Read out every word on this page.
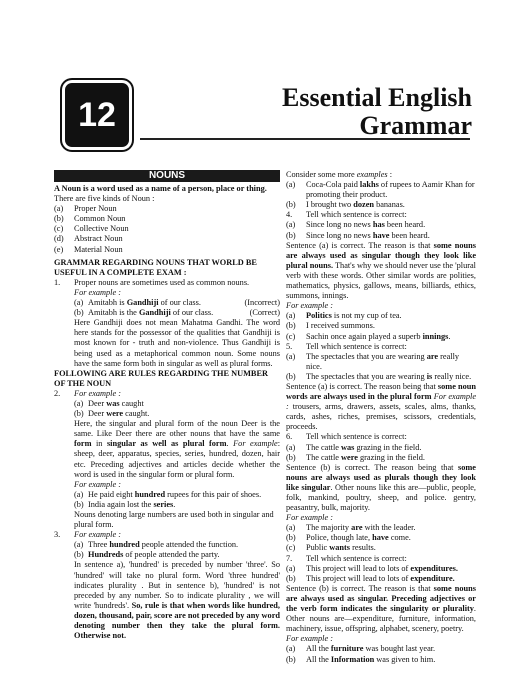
12	Essential English
Grammar
NOUNS

A Noun is a word used as a name of a person, place or thing.

There are five kinds of Noun :

(a)	Proper Noun
(b)	Common Noun
(c)	Collective Noun
(d)	Abstract Noun
(e)	Material Noun

GRAMMAR REGARDING NOUNS THAT WORLD BE USEFUL IN A COMPLETE EXAM :

1.	Proper nouns are sometimes used as common nouns.

For example :

(a) Amitabh is Gandhiji of our class.	(Incorrect)
(b) Amitabh is the Gandhiji of our class.	(Correct)

Here Gandhiji does not mean Mahatma Gandhi. The word here stands for the possessor of the qualities that Gandhiji is most known for - truth and non-violence. Thus Gandhiji is being used as a metaphorical common noun. Some nouns have the same form both in singular as well as plural forms.

FOLLOWING ARE RULES REGARDING THE NUMBER OF THE NOUN

2.	For example :
(a) Deer was caught
(b) Deer were caught.

Here, the singular and plural form of the noun Deer is the same. Like Deer there are other nouns that have the same form in singular as well as plural form. For example: sheep, deer, apparatus, species, series, hundred, dozen, hair etc. Preceding adjectives and articles decide whether the word is used in the singular form or plural form.

For example :

(a) He paid eight hundred rupees for this pair of shoes.
(b) India again lost the series.

Nouns denoting large numbers are used both in singular and plural form.

3.	For example :
(a) Three hundred people attended the function.
(b) Hundreds of people attended the party.

In sentence a), 'hundred' is preceded by number 'three'. So 'hundred' will take no plural form. Word 'three hundred' indicates plurality . But in sentence b), 'hundred' is not preceded by any number. So to indicate plurality , we will write 'hundreds'. So, rule is that when words like hundred, dozen, thousand, pair, score are not preceded by any word denoting number then they take the plural form. Otherwise not.

Consider some more examples :

(a)	Coca-Cola paid lakhs of rupees to Aamir Khan for promoting their product.
(b)	I brought two dozen bananas.
4.	Tell which sentence is correct:
(a)	Since long no news has been heard.
(b)	Since long no news have been heard.

Sentence (a) is correct. The reason is that some nouns are always used as singular though they look like plural nouns. That's why we should never use the 'plural verb with these words. Other similar words are polities, mathematics, physics, gallows, means, billiards, ethics, summons, innings.

For example :

(a)	Politics is not my cup of tea.
(b)	I received summons.
(c)	Sachin once again played a superb innings.
5.	Tell which sentence is correct:
(a)	The spectacles that you are wearing are really nice.
(b)	The spectacles that you are wearing is really nice.

Sentence (a) is correct. The reason being that some noun words are always used in the plural form For example : trousers, arms, drawers, assets, scales, alms, thanks, cards, ashes, riches, premises, scissors, credentials, proceeds.

6.	Tell which sentence is correct:
(a)	The cattle was grazing in the field.
(b)	The cattle were grazing in the field.

Sentence (b) is correct. The reason being that some nouns are always used as plurals though they look like singular. Other nouns like this are—public, people, folk, mankind, poultry, sheep, and police. gentry, peasantry, bulk, majority.

For example :

(a)	The majority are with the leader.
(b)	Police, though late, have come.
(c)	Public wants results.
7.	Tell which sentence is correct:
(a)	This project will lead to lots of expenditures.
(b)	This project will lead to lots of expenditure.

Sentence (b) is correct. The reason is that some nouns are always used as singular. Preceding adjectives or the verb form indicates the singularity or plurality. Other nouns are—expenditure, furniture, information, machinery, issue, offspring, alphabet, scenery, poetry.

For example :

(a)	All the furniture was bought last year.
(b)	All the Information was given to him.
